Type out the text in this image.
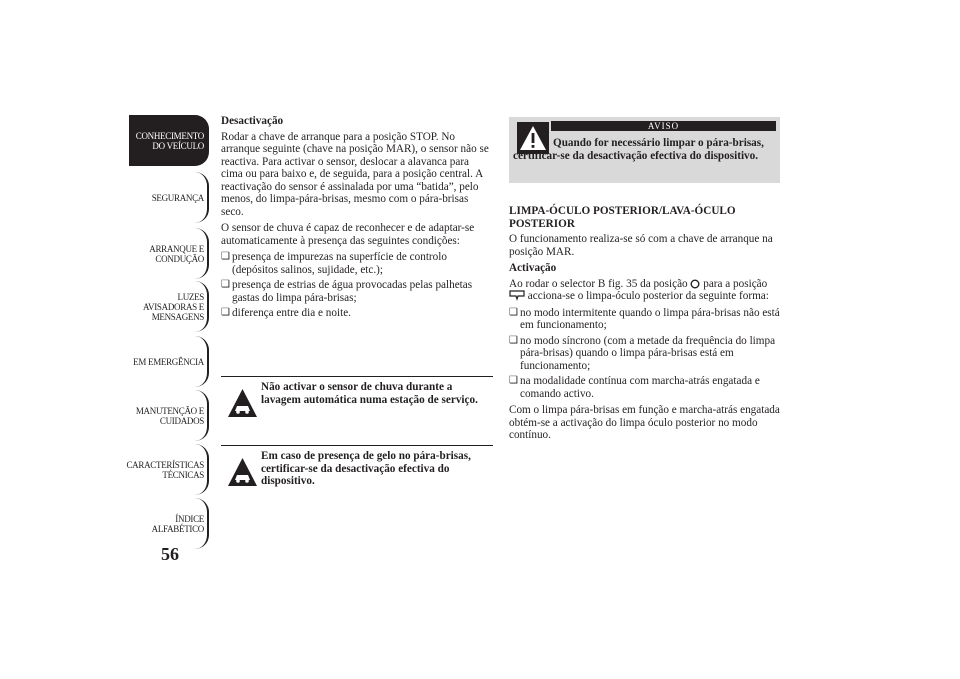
CONHECIMENTO
DO VEÍCULO
SEGURANÇA
ARRANQUE E
CONDUÇÃO
LUZES
AVISADORAS E
MENSAGENS
EM EMERGÊNCIA
MANUTENÇÃO E
CUIDADOS
CARACTERÍSTICAS
TÉCNICAS
ÍNDICE
ALFABÉTICO
56
Desactivação

Rodar a chave de arranque para a posição STOP. No arranque seguinte (chave na posição MAR), o sensor não se reactiva. Para activar o sensor, deslocar a alavanca para cima ou para baixo e, de seguida, para a posição central. A reactivação do sensor é assinalada por uma “batida”, pelo menos, do limpa-pára-brisas, mesmo com o pára-brisas seco.

O sensor de chuva é capaz de reconhecer e de adaptar-se automaticamente à presença das seguintes condições:

❑ presença de impurezas na superfície de controlo (depósitos salinos, sujidade, etc.);
❑ presença de estrias de água provocadas pelas palhetas gastas do limpa pára-brisas;
❑ diferença entre dia e noite.
Não activar o sensor de chuva durante a lavagem automática numa estação de serviço.
Em caso de presença de gelo no pára-brisas, certificar-se da desactivação efectiva do dispositivo.
AVISO
Quando for necessário limpar o pára-brisas, certificar-se da desactivação efectiva do dispositivo.
LIMPA-ÓCULO POSTERIOR/LAVA-ÓCULO POSTERIOR

O funcionamento realiza-se só com a chave de arranque na posição MAR.

Activação

Ao rodar o selector B fig. 35 da posição para a posição  acciona-se o limpa-óculo posterior da seguinte forma:

❑ no modo intermitente quando o limpa pára-brisas não está em funcionamento;
❑ no modo síncrono (com a metade da frequência do limpa pára-brisas) quando o limpa pára-brisas está em funcionamento;
❑ na modalidade contínua com marcha-atrás engatada e comando activo.

Com o limpa pára-brisas em função e marcha-atrás engatada obtém-se a activação do limpa óculo posterior no modo contínuo.
